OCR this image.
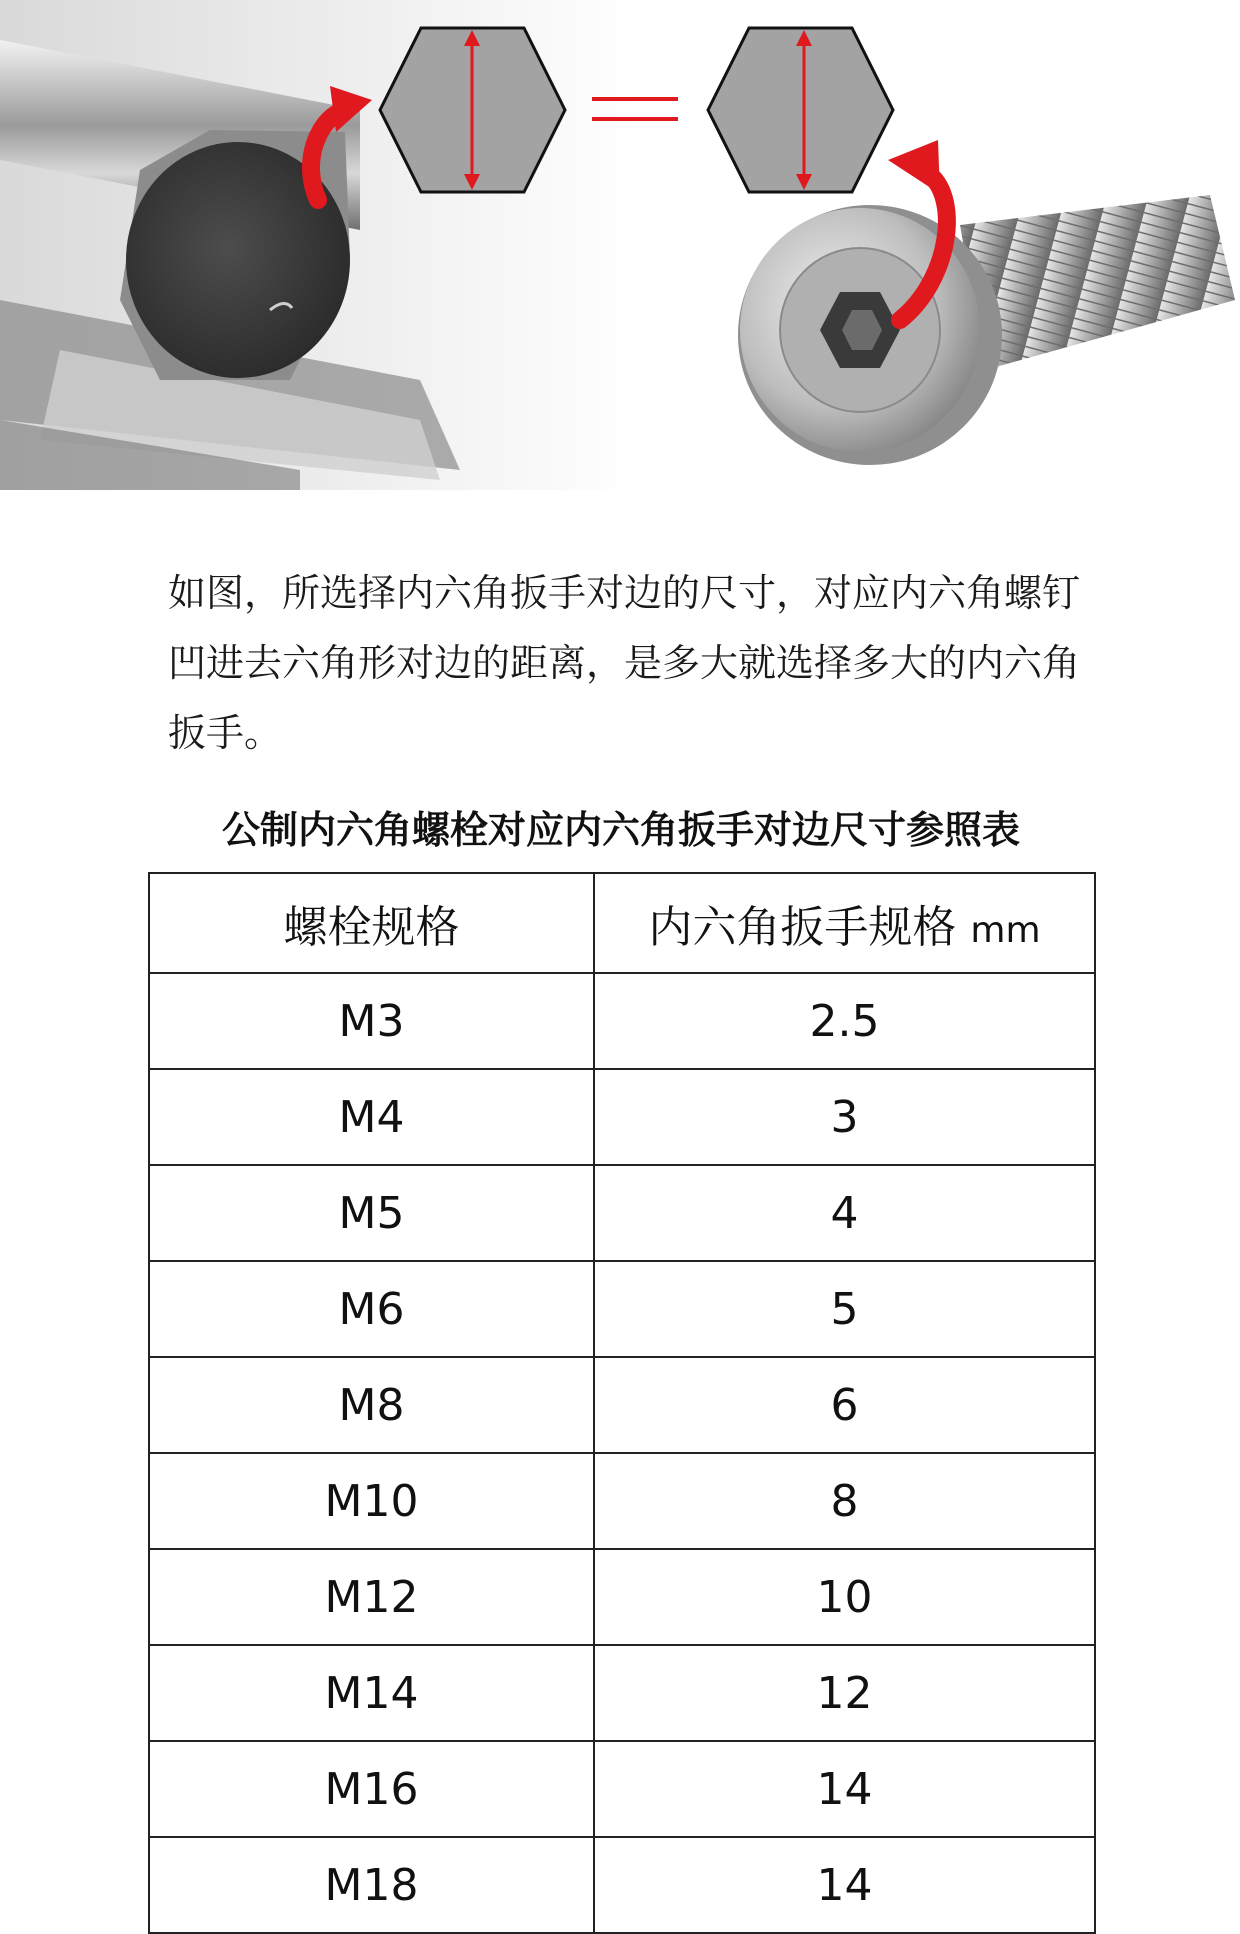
如图，所选择内六角扳手对边的尺寸，对应内六角螺钉凹进去六角形对边的距离，是多大就选择多大的内六角扳手。

公制内六角螺栓对应内六角扳手对边尺寸参照表
螺栓规格	内六角扳手规格 mm
M3	2.5
M4	3
M5	4
M6	5
M8	6
M10	8
M12	10
M14	12
M16	14
M18	14
